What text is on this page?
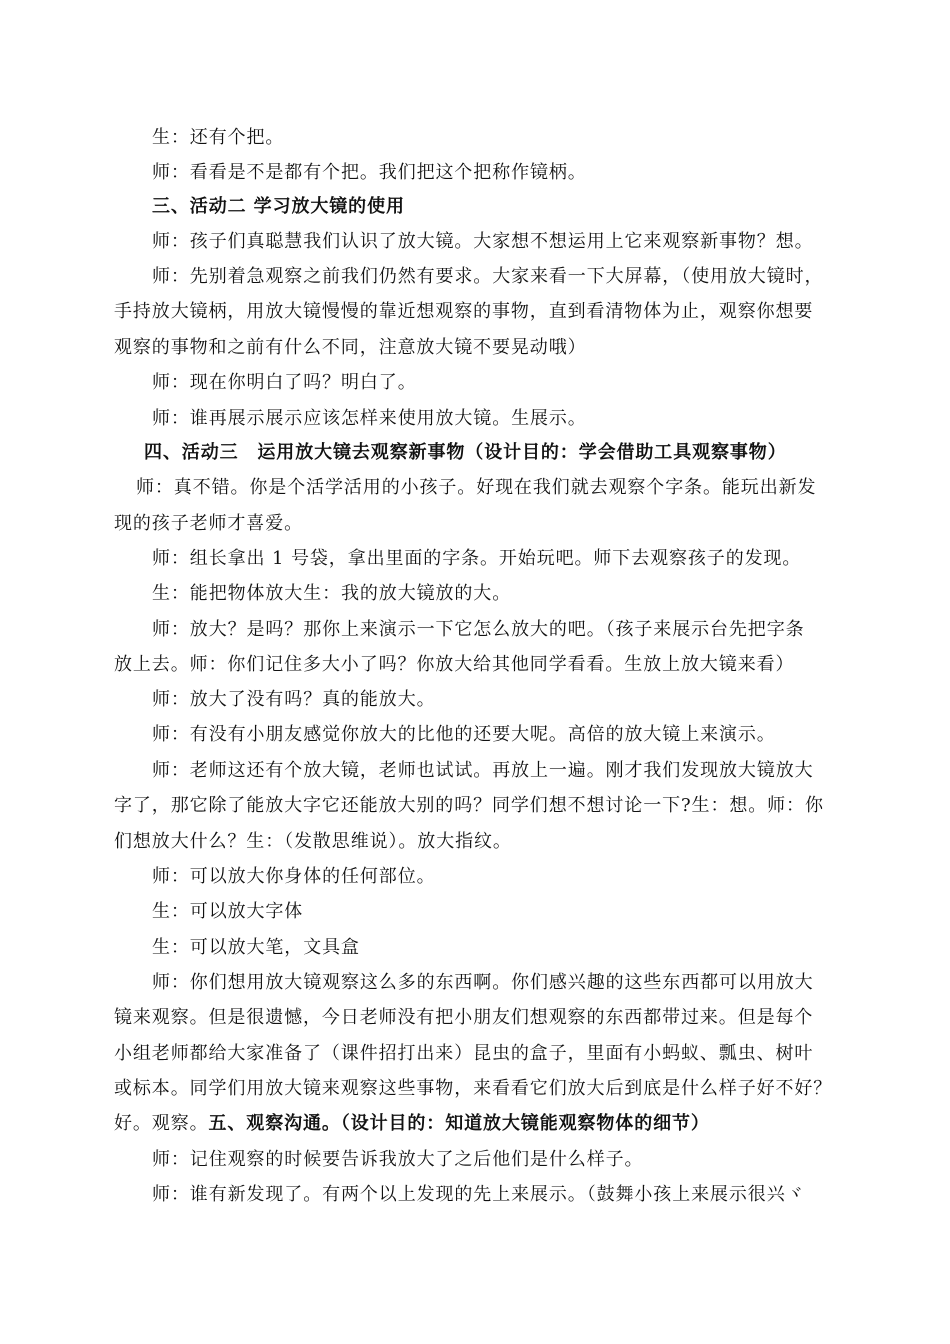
生：还有个把。
师：看看是不是都有个把。我们把这个把称作镜柄。
三、活动二 学习放大镜的使用
师：孩子们真聪慧我们认识了放大镜。大家想不想运用上它来观察新事物？想。
师：先别着急观察之前我们仍然有要求。大家来看一下大屏幕，（使用放大镜时，
手持放大镜柄，用放大镜慢慢的靠近想观察的事物，直到看清物体为止，观察你想要
观察的事物和之前有什么不同，注意放大镜不要晃动哦）
师：现在你明白了吗？明白了。
师：谁再展示展示应该怎样来使用放大镜。生展示。
四、活动三　运用放大镜去观察新事物（设计目的：学会借助工具观察事物）
师：真不错。你是个活学活用的小孩子。好现在我们就去观察个字条。能玩出新发
现的孩子老师才喜爱。
师：组长拿出 1 号袋，拿出里面的字条。开始玩吧。师下去观察孩子的发现。
生：能把物体放大生：我的放大镜放的大。
师：放大？是吗？那你上来演示一下它怎么放大的吧。（孩子来展示台先把字条
放上去。师：你们记住多大小了吗？你放大给其他同学看看。生放上放大镜来看）
师：放大了没有吗？真的能放大。
师：有没有小朋友感觉你放大的比他的还要大呢。高倍的放大镜上来演示。
师：老师这还有个放大镜，老师也试试。再放上一遍。刚才我们发现放大镜放大
字了，那它除了能放大字它还能放大别的吗？同学们想不想讨论一下?生：想。师：你
们想放大什么？生：（发散思维说）。放大指纹。
师：可以放大你身体的任何部位。
生：可以放大字体
生：可以放大笔，文具盒
师：你们想用放大镜观察这么多的东西啊。你们感兴趣的这些东西都可以用放大
镜来观察。但是很遗憾，今日老师没有把小朋友们想观察的东西都带过来。但是每个
小组老师都给大家准备了（课件招打出来）昆虫的盒子，里面有小蚂蚁、瓢虫、树叶
或标本。同学们用放大镜来观察这些事物，来看看它们放大后到底是什么样子好不好？
好。观察。五、观察沟通。（设计目的：知道放大镜能观察物体的细节）
师：记住观察的时候要告诉我放大了之后他们是什么样子。
师：谁有新发现了。有两个以上发现的先上来展示。（鼓舞小孩上来展示很兴ヾ
